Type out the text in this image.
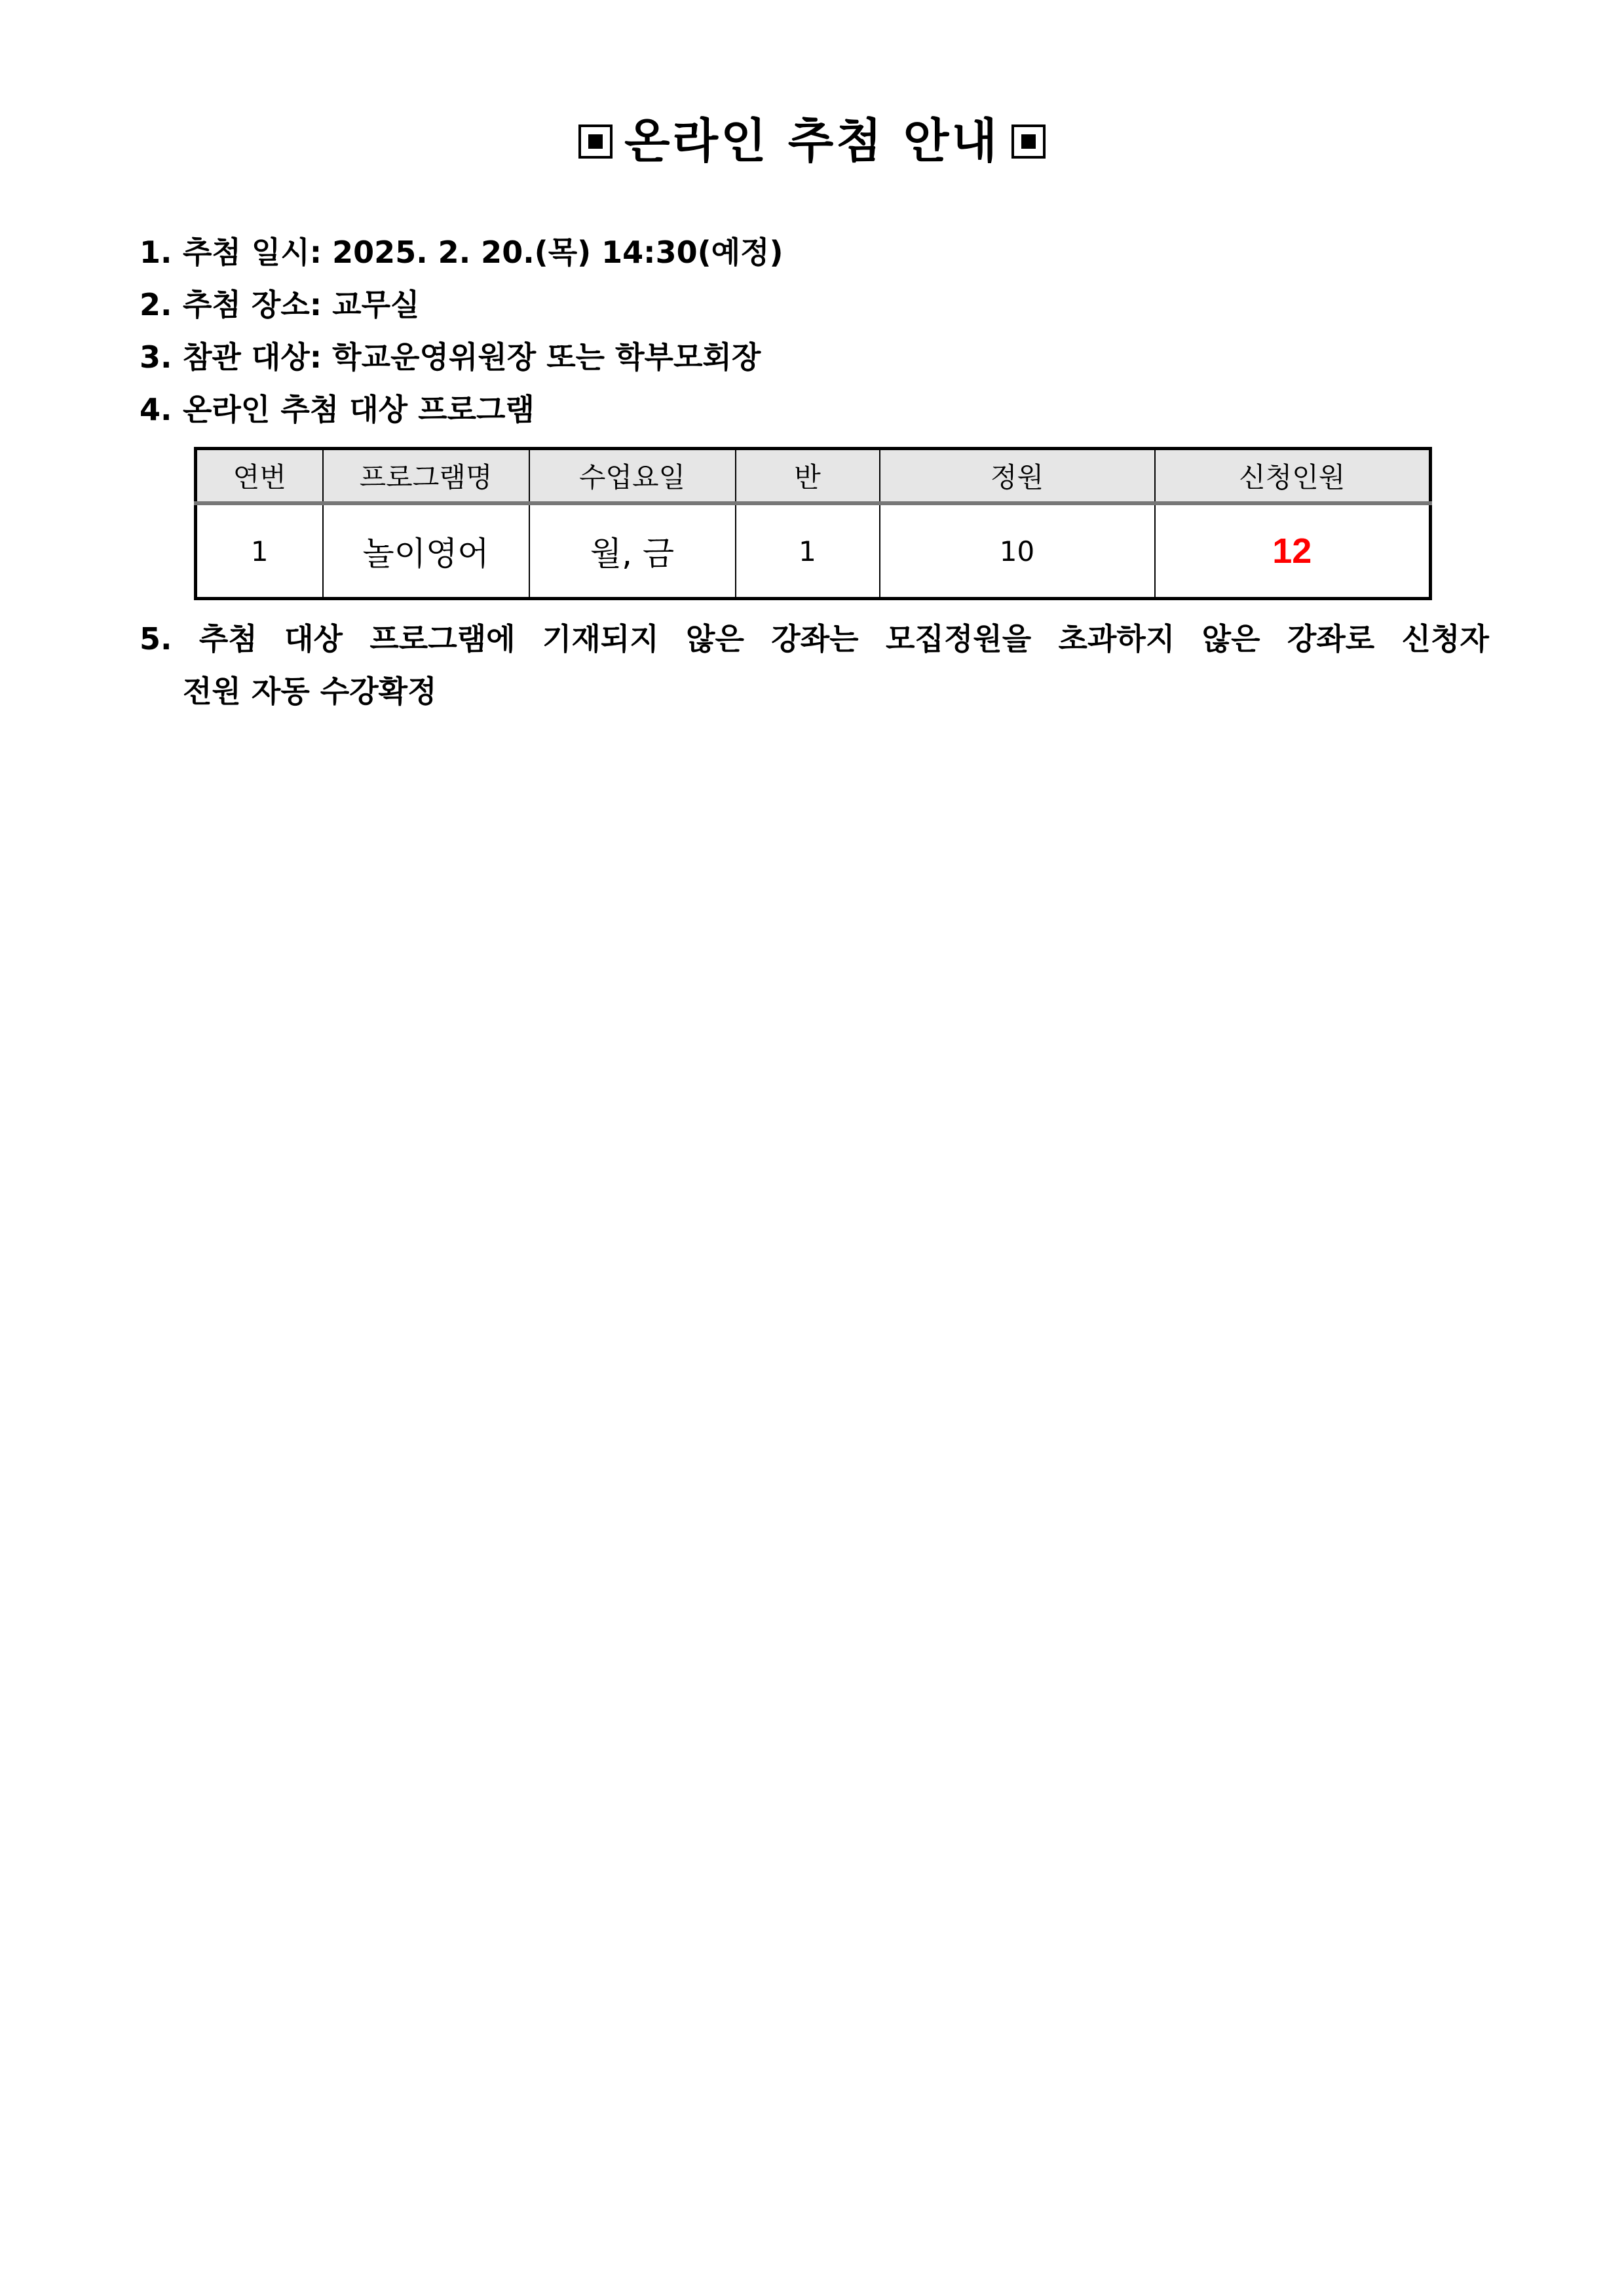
온라인 추첨 안내
1. 추첨 일시: 2025. 2. 20.(목) 14:30(예정)
2. 추첨 장소: 교무실
3. 참관 대상: 학교운영위원장 또는 학부모회장
4. 온라인 추첨 대상 프로그램
연번	프로그램명	수업요일	반	정원	신청인원
1	놀이영어	월, 금	1	10	12
5. 추첨 대상 프로그램에 기재되지 않은 강좌는 모집정원을 초과하지 않은 강좌로 신청자
전원 자동 수강확정
